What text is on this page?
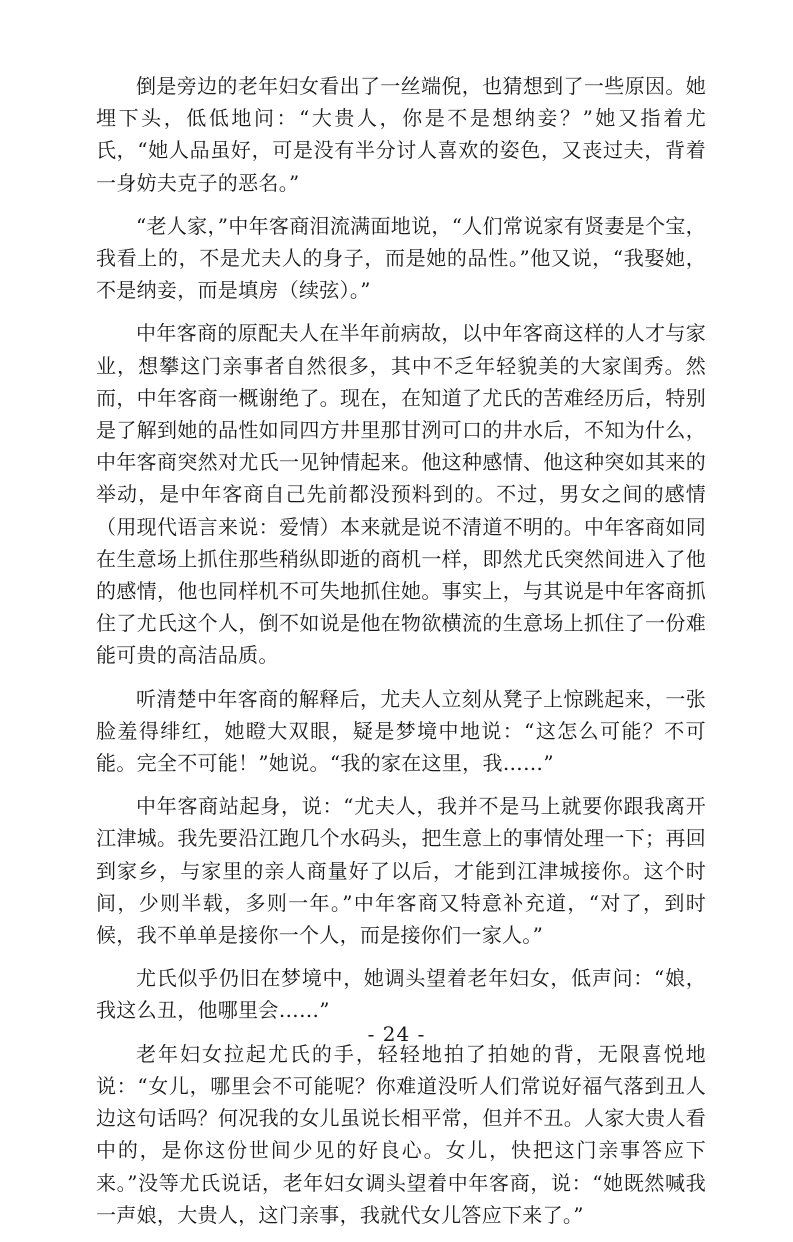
倒是旁边的老年妇女看出了一丝端倪，也猜想到了一些原因。她埋下头，低低地问：“大贵人，你是不是想纳妾？”她又指着尤氏，“她人品虽好，可是没有半分讨人喜欢的姿色，又丧过夫，背着一身妨夫克子的恶名。”

“老人家，”中年客商泪流满面地说，“人们常说家有贤妻是个宝，我看上的，不是尤夫人的身子，而是她的品性。”他又说，“我娶她，不是纳妾，而是填房（续弦）。”

中年客商的原配夫人在半年前病故，以中年客商这样的人才与家业，想攀这门亲事者自然很多，其中不乏年轻貌美的大家闺秀。然而，中年客商一概谢绝了。现在，在知道了尤氏的苦难经历后，特别是了解到她的品性如同四方井里那甘洌可口的井水后，不知为什么，中年客商突然对尤氏一见钟情起来。他这种感情、他这种突如其来的举动，是中年客商自己先前都没预料到的。不过，男女之间的感情（用现代语言来说：爱情）本来就是说不清道不明的。中年客商如同在生意场上抓住那些稍纵即逝的商机一样，即然尤氏突然间进入了他的感情，他也同样机不可失地抓住她。事实上，与其说是中年客商抓住了尤氏这个人，倒不如说是他在物欲横流的生意场上抓住了一份难能可贵的高洁品质。

听清楚中年客商的解释后，尤夫人立刻从凳子上惊跳起来，一张脸羞得绯红，她瞪大双眼，疑是梦境中地说：“这怎么可能？不可能。完全不可能！”她说。“我的家在这里，我……”

中年客商站起身，说：“尤夫人，我并不是马上就要你跟我离开江津城。我先要沿江跑几个水码头，把生意上的事情处理一下；再回到家乡，与家里的亲人商量好了以后，才能到江津城接你。这个时间，少则半载，多则一年。”中年客商又特意补充道，“对了，到时候，我不单单是接你一个人，而是接你们一家人。”

尤氏似乎仍旧在梦境中，她调头望着老年妇女，低声问：“娘，我这么丑，他哪里会……”

老年妇女拉起尤氏的手，轻轻地拍了拍她的背，无限喜悦地说：“女儿，哪里会不可能呢？你难道没听人们常说好福气落到丑人边这句话吗？何况我的女儿虽说长相平常，但并不丑。人家大贵人看中的，是你这份世间少见的好良心。女儿，快把这门亲事答应下来。”没等尤氏说话，老年妇女调头望着中年客商，说：“她既然喊我一声娘，大贵人，这门亲事，我就代女儿答应下来了。”

- 24 -
